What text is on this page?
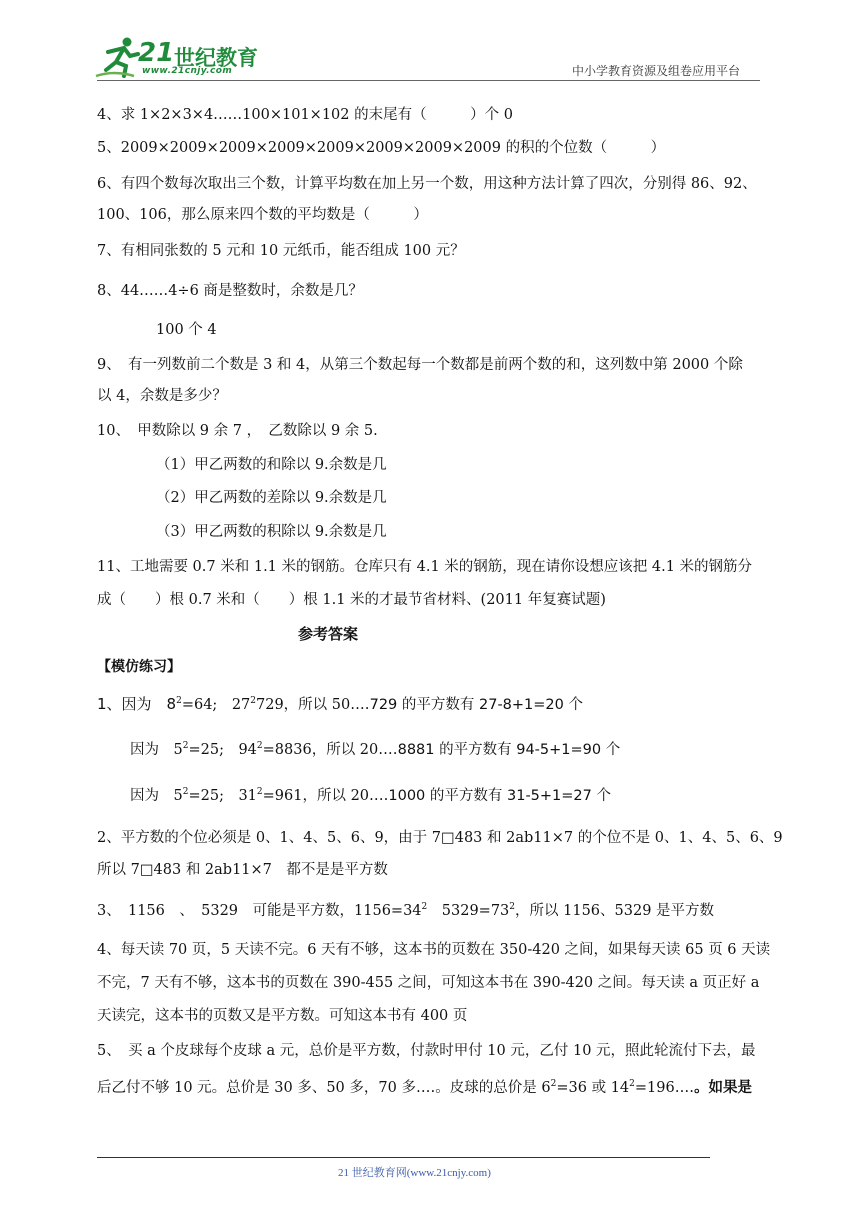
21 世纪教育
www.21cnjy.com	中小学教育资源及组卷应用平台
4、求 1×2×3×4……100×101×102 的末尾有（　　　）个 0
5、2009×2009×2009×2009×2009×2009×2009×2009 的积的个位数（　　　）
6、有四个数每次取出三个数，计算平均数在加上另一个数，用这种方法计算了四次，分别得 86、92、
100、106，那么原来四个数的平均数是（　　　）
7、有相同张数的 5 元和 10 元纸币，能否组成 100 元？
8、44‥‥‥4÷6 商是整数时，余数是几？
100 个 4
9、　有一列数前二个数是 3 和 4，从第三个数起每一个数都是前两个数的和，这列数中第 2000 个除
以 4，余数是多少？
10、　甲数除以 9 余 7 ，　乙数除以 9 余 5.
（1）甲乙两数的和除以 9.余数是几
（2）甲乙两数的差除以 9.余数是几
（3）甲乙两数的积除以 9.余数是几
11、工地需要 0.7 米和 1.1 米的钢筋。仓库只有 4.1 米的钢筋，现在请你设想应该把 4.1 米的钢筋分
成（　　）根 0.7 米和（　　）根 1.1 米的才最节省材料、(2011 年复赛试题)
参考答案
【模仿练习】
1、因为　$8^2=64$;　$27^2729$，所以 50‥‥729 的平方数有 27-8+1=20 个
因为　$5^2=25$;　$94^2=8836$，所以 20‥‥8881 的平方数有 94-5+1=90 个
因为　$5^2=25$;　$31^2=961$，所以 20‥‥1000 的平方数有 31-5+1=27 个
2、平方数的个位必须是 0、1、4、5、6、9，由于 7□483 和 2ab11×7 的个位不是 0、1、4、5、6、9
所以 7□483 和 2ab11×7　都不是是平方数
3、　1156　、　5329　可能是平方数，$1156=34^2$　$5329=73^2$，所以 1156、5329 是平方数
4、每天读 70 页，5 天读不完。6 天有不够，这本书的页数在 350-420 之间，如果每天读 65 页 6 天读
不完，7 天有不够，这本书的页数在 390-455 之间，可知这本书在 390-420 之间。每天读 a 页正好 a
天读完，这本书的页数又是平方数。可知这本书有 400 页
5、　买 a 个皮球每个皮球 a 元，总价是平方数，付款时甲付 10 元，乙付 10 元，照此轮流付下去，最
后乙付不够 10 元。总价是 30 多、50 多，70 多‥‥。皮球的总价是 $6^2=36$ 或 $14^2=196‥‥$。如果是
21 世纪教育网(www.21cnjy.com)
